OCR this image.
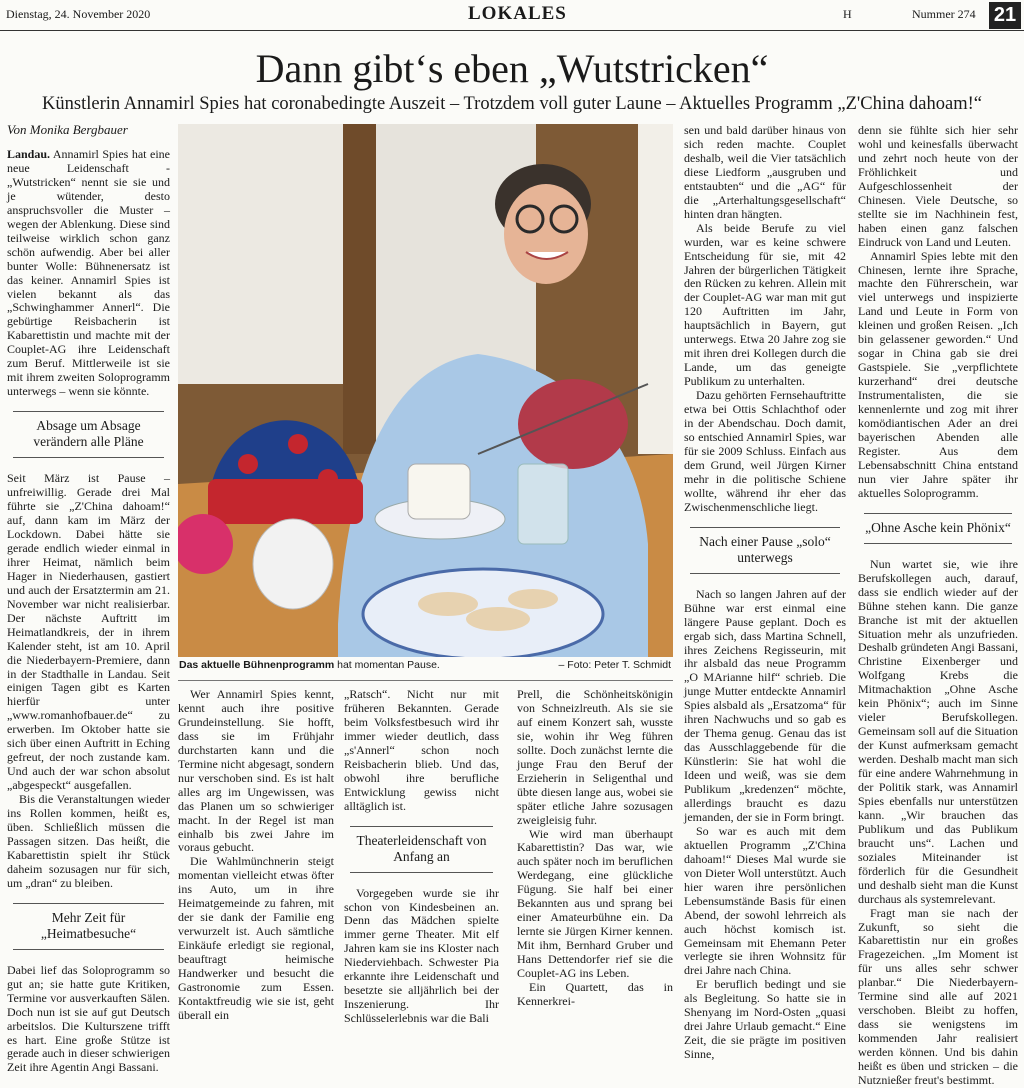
Dienstag, 24. November 2020	LOKALES	H	Nummer 274 21
Dann gibt‘s eben „Wutstricken“
Künstlerin Annamirl Spies hat coronabedingte Auszeit – Trotzdem voll guter Laune – Aktuelles Programm „Z'China dahoam!“
Von Monika Bergbauer

Landau. Annamirl Spies hat eine neue Leidenschaft - „Wutstricken“ nennt sie sie und je wütender, desto anspruchsvoller die Muster – wegen der Ablenkung. Diese sind teilweise wirklich schon ganz schön aufwendig. Aber bei aller bunter Wolle: Bühnenersatz ist das keiner. Annamirl Spies ist vielen bekannt als das „Schwinghammer Annerl“. Die gebürtige Reisbacherin ist Kabarettistin und machte mit der Couplet-AG ihre Leidenschaft zum Beruf. Mittlerweile ist sie mit ihrem zweiten Soloprogramm unterwegs – wenn sie könnte.

Absage um Absage verändern alle Pläne

Seit März ist Pause – unfreiwillig. Gerade drei Mal führte sie „Z'China dahoam!“ auf, dann kam im März der Lockdown. Dabei hätte sie gerade endlich wieder einmal in ihrer Heimat, nämlich beim Hager in Niederhausen, gastiert und auch der Ersatztermin am 21. November war nicht realisierbar. Der nächste Auftritt im Heimatlandkreis, der in ihrem Kalender steht, ist am 10. April die Niederbayern-Premiere, dann in der Stadthalle in Landau. Seit einigen Tagen gibt es Karten hierfür unter „www.romanhofbauer.de“ zu erwerben. Im Oktober hatte sie sich über einen Auftritt in Eching gefreut, der noch zustande kam. Und auch der war schon absolut „abgespeckt“ ausgefallen.

Bis die Veranstaltungen wieder ins Rollen kommen, heißt es, üben. Schließlich müssen die Passagen sitzen. Das heißt, die Kabarettistin spielt ihr Stück daheim sozusagen nur für sich, um „dran“ zu bleiben.

Mehr Zeit für „Heimatbesuche“

Dabei lief das Soloprogramm so gut an; sie hatte gute Kritiken, Termine vor ausverkauften Sälen. Doch nun ist sie auf gut Deutsch arbeitslos. Die Kulturszene trifft es hart. Eine große Stütze ist gerade auch in dieser schwierigen Zeit ihre Agentin Angi Bassani.

Das aktuelle Bühnenprogramm hat momentan Pause.	– Foto: Peter T. Schmidt

Wer Annamirl Spies kennt, kennt auch ihre positive Grundeinstellung. Sie hofft, dass sie im Frühjahr durchstarten kann und die Termine nicht abgesagt, sondern nur verschoben sind. Es ist halt alles arg im Ungewissen, was das Planen um so schwieriger macht. In der Regel ist man einhalb bis zwei Jahre im voraus gebucht.

Die Wahlmünchnerin steigt momentan vielleicht etwas öfter ins Auto, um in ihre Heimatgemeinde zu fahren, mit der sie dank der Familie eng verwurzelt ist. Auch sämtliche Einkäufe erledigt sie regional, beauftragt heimische Handwerker und besucht die Gastronomie zum Essen. Kontaktfreudig wie sie ist, geht überall ein

„Ratsch“. Nicht nur mit früheren Bekannten. Gerade beim Volksfestbesuch wird ihr immer wieder deutlich, dass „s'Annerl“ schon noch Reisbacherin blieb. Und das, obwohl ihre berufliche Entwicklung gewiss nicht alltäglich ist.

Theaterleidenschaft von Anfang an

Vorgegeben wurde sie ihr schon von Kindesbeinen an. Denn das Mädchen spielte immer gerne Theater. Mit elf Jahren kam sie ins Kloster nach Niederviehbach. Schwester Pia erkannte ihre Leidenschaft und besetzte sie alljährlich bei der Inszenierung. Ihr Schlüsselerlebnis war die Bali

Prell, die Schönheitskönigin von Schneizlreuth. Als sie sie auf einem Konzert sah, wusste sie, wohin ihr Weg führen sollte. Doch zunächst lernte die junge Frau den Beruf der Erzieherin in Seligenthal und übte diesen lange aus, wobei sie später etliche Jahre sozusagen zweigleisig fuhr.

Wie wird man überhaupt Kabarettistin? Das war, wie auch später noch im beruflichen Werdegang, eine glückliche Fügung. Sie half bei einer Bekannten aus und sprang bei einer Amateurbühne ein. Da lernte sie Jürgen Kirner kennen. Mit ihm, Bernhard Gruber und Hans Dettendorfer rief sie die Couplet-AG ins Leben.

Ein Quartett, das in Kennerkrei-

sen und bald darüber hinaus von sich reden machte. Couplet deshalb, weil die Vier tatsächlich diese Liedform „ausgruben und entstaubten“ und die „AG“ für die „Arterhaltungsgesellschaft“ hinten dran hängten.

Als beide Berufe zu viel wurden, war es keine schwere Entscheidung für sie, mit 42 Jahren der bürgerlichen Tätigkeit den Rücken zu kehren. Allein mit der Couplet-AG war man mit gut 120 Auftritten im Jahr, hauptsächlich in Bayern, gut unterwegs. Etwa 20 Jahre zog sie mit ihren drei Kollegen durch die Lande, um das geneigte Publikum zu unterhalten.

Dazu gehörten Fernsehauftritte etwa bei Ottis Schlachthof oder in der Abendschau. Doch damit, so entschied Annamirl Spies, war für sie 2009 Schluss. Einfach aus dem Grund, weil Jürgen Kirner mehr in die politische Schiene wollte, während ihr eher das Zwischenmenschliche liegt.

Nach einer Pause „solo“ unterwegs

Nach so langen Jahren auf der Bühne war erst einmal eine längere Pause geplant. Doch es ergab sich, dass Martina Schnell, ihres Zeichens Regisseurin, mit ihr alsbald das neue Programm „O MArianne hilf“ schrieb. Die junge Mutter entdeckte Annamirl Spies alsbald als „Ersatzoma“ für ihren Nachwuchs und so gab es der Thema genug. Genau das ist das Ausschlaggebende für die Künstlerin: Sie hat wohl die Ideen und weiß, was sie dem Publikum „kredenzen“ möchte, allerdings braucht es dazu jemanden, der sie in Form bringt.

So war es auch mit dem aktuellen Programm „Z'China dahoam!“ Dieses Mal wurde sie von Dieter Woll unterstützt. Auch hier waren ihre persönlichen Lebensumstände Basis für einen Abend, der sowohl lehrreich als auch höchst komisch ist. Gemeinsam mit Ehemann Peter verlegte sie ihren Wohnsitz für drei Jahre nach China.

Er beruflich bedingt und sie als Begleitung. So hatte sie in Shenyang im Nord-Osten „quasi drei Jahre Urlaub gemacht.“ Eine Zeit, die sie prägte im positiven Sinne,

denn sie fühlte sich hier sehr wohl und keinesfalls überwacht und zehrt noch heute von der Fröhlichkeit und Aufgeschlossenheit der Chinesen. Viele Deutsche, so stellte sie im Nachhinein fest, haben einen ganz falschen Eindruck von Land und Leuten.

Annamirl Spies lebte mit den Chinesen, lernte ihre Sprache, machte den Führerschein, war viel unterwegs und inspizierte Land und Leute in Form von kleinen und großen Reisen. „Ich bin gelassener geworden.“ Und sogar in China gab sie drei Gastspiele. Sie „verpflichtete kurzerhand“ drei deutsche Instrumentalisten, die sie kennenlernte und zog mit ihrer komödiantischen Ader an drei bayerischen Abenden alle Register. Aus dem Lebensabschnitt China entstand nun vier Jahre später ihr aktuelles Soloprogramm.

„Ohne Asche kein Phönix“

Nun wartet sie, wie ihre Berufskollegen auch, darauf, dass sie endlich wieder auf der Bühne stehen kann. Die ganze Branche ist mit der aktuellen Situation mehr als unzufrieden. Deshalb gründeten Angi Bassani, Christine Eixenberger und Wolfgang Krebs die Mitmachaktion „Ohne Asche kein Phönix“; auch im Sinne vieler Berufskollegen. Gemeinsam soll auf die Situation der Kunst aufmerksam gemacht werden. Deshalb macht man sich für eine andere Wahrnehmung in der Politik stark, was Annamirl Spies ebenfalls nur unterstützen kann. „Wir brauchen das Publikum und das Publikum braucht uns“. Lachen und soziales Miteinander ist förderlich für die Gesundheit und deshalb sieht man die Kunst durchaus als systemrelevant.

Fragt man sie nach der Zukunft, so sieht die Kabarettistin nur ein großes Fragezeichen. „Im Moment ist für uns alles sehr schwer planbar.“ Die Niederbayern-Termine sind alle auf 2021 verschoben. Bleibt zu hoffen, dass sie wenigstens im kommenden Jahr realisiert werden können. Und bis dahin heißt es üben und stricken – die Nutznießer freut's bestimmt.
